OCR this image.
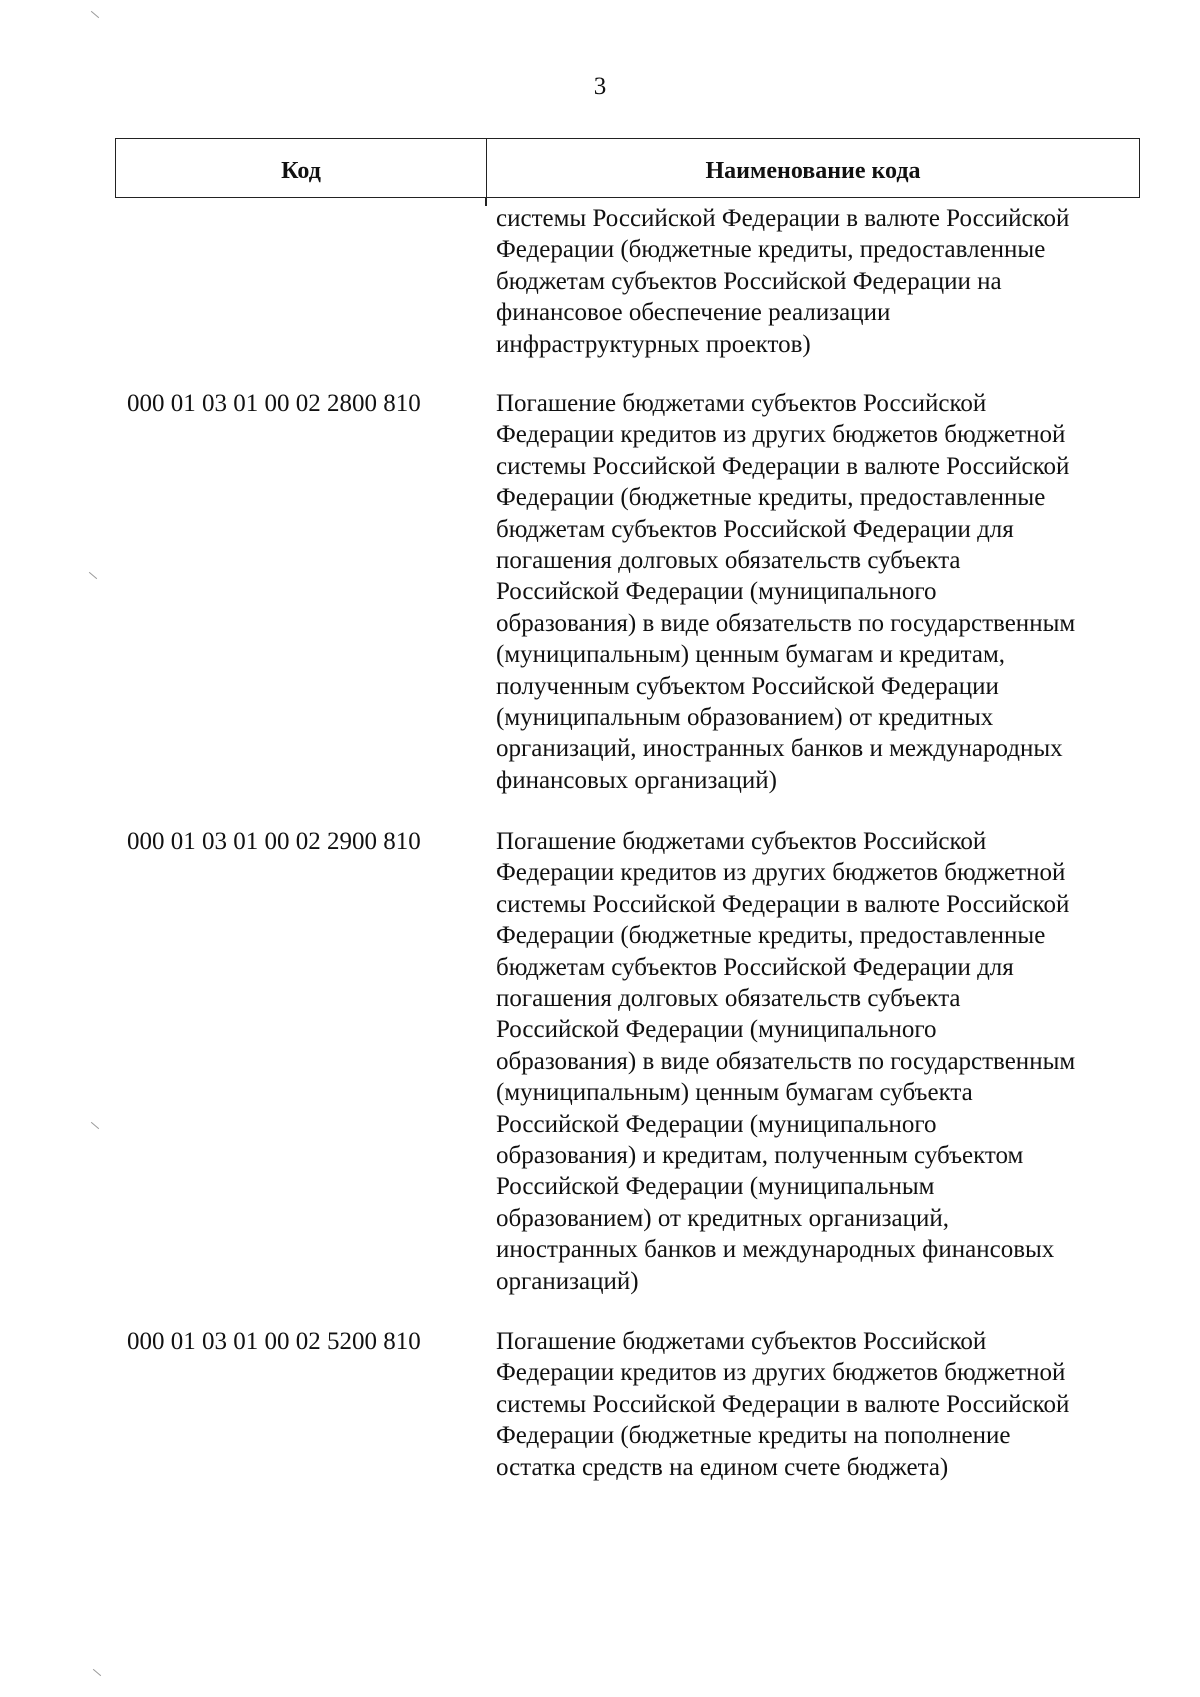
3
Код	Наименование кода

системы Российской Федерации в валюте Российской

Федерации (бюджетные кредиты, предоставленные

бюджетам субъектов Российской Федерации на

финансовое обеспечение реализации

инфраструктурных проектов)

000 01 03 01 00 02 2800 810	Погашение бюджетами субъектов Российской

Федерации кредитов из других бюджетов бюджетной

системы Российской Федерации в валюте Российской

Федерации (бюджетные кредиты, предоставленные

бюджетам субъектов Российской Федерации для

погашения долговых обязательств субъекта

Российской Федерации (муниципального

образования) в виде обязательств по государственным

(муниципальным) ценным бумагам и кредитам,

полученным субъектом Российской Федерации

(муниципальным образованием) от кредитных

организаций, иностранных банков и международных

финансовых организаций)

000 01 03 01 00 02 2900 810	Погашение бюджетами субъектов Российской

Федерации кредитов из других бюджетов бюджетной

системы Российской Федерации в валюте Российской

Федерации (бюджетные кредиты, предоставленные

бюджетам субъектов Российской Федерации для

погашения долговых обязательств субъекта

Российской Федерации (муниципального

образования) в виде обязательств по государственным

(муниципальным) ценным бумагам субъекта

Российской Федерации (муниципального

образования) и кредитам, полученным субъектом

Российской Федерации (муниципальным

образованием) от кредитных организаций,

иностранных банков и международных финансовых

организаций)

000 01 03 01 00 02 5200 810	Погашение бюджетами субъектов Российской

Федерации кредитов из других бюджетов бюджетной

системы Российской Федерации в валюте Российской

Федерации (бюджетные кредиты на пополнение

остатка средств на едином счете бюджета)
